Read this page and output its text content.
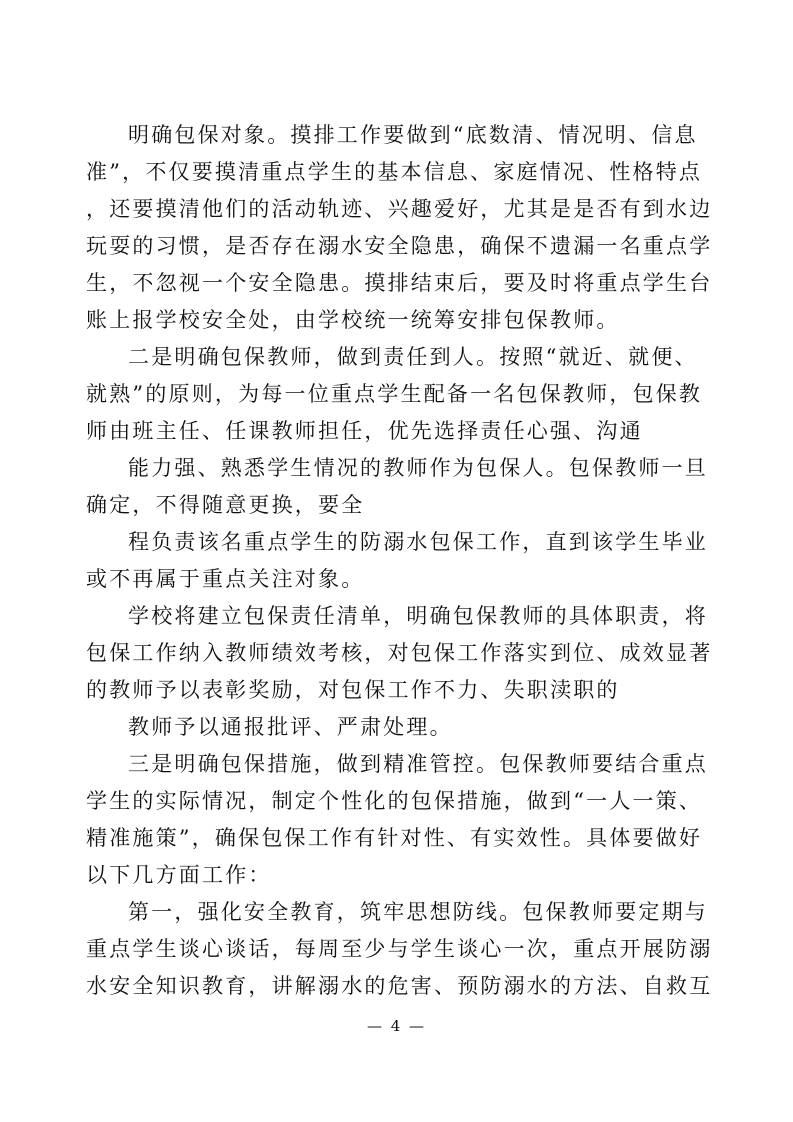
明确包保对象。摸排工作要做到“底数清、情况明、信息
准”，不仅要摸清重点学生的基本信息、家庭情况、性格特点
，还要摸清他们的活动轨迹、兴趣爱好，尤其是是否有到水边
玩耍的习惯，是否存在溺水安全隐患，确保不遗漏一名重点学
生，不忽视一个安全隐患。摸排结束后，要及时将重点学生台
账上报学校安全处，由学校统一统筹安排包保教师。
二是明确包保教师，做到责任到人。按照“就近、就便、
就熟”的原则，为每一位重点学生配备一名包保教师，包保教
师由班主任、任课教师担任，优先选择责任心强、沟通
能力强、熟悉学生情况的教师作为包保人。包保教师一旦
确定，不得随意更换，要全
程负责该名重点学生的防溺水包保工作，直到该学生毕业
或不再属于重点关注对象。
学校将建立包保责任清单，明确包保教师的具体职责，将
包保工作纳入教师绩效考核，对包保工作落实到位、成效显著
的教师予以表彰奖励，对包保工作不力、失职渎职的
教师予以通报批评、严肃处理。
三是明确包保措施，做到精准管控。包保教师要结合重点
学生的实际情况，制定个性化的包保措施，做到“一人一策、
精准施策”，确保包保工作有针对性、有实效性。具体要做好
以下几方面工作：
第一，强化安全教育，筑牢思想防线。包保教师要定期与
重点学生谈心谈话，每周至少与学生谈心一次，重点开展防溺
水安全知识教育，讲解溺水的危害、预防溺水的方法、自救互
— 4 —
